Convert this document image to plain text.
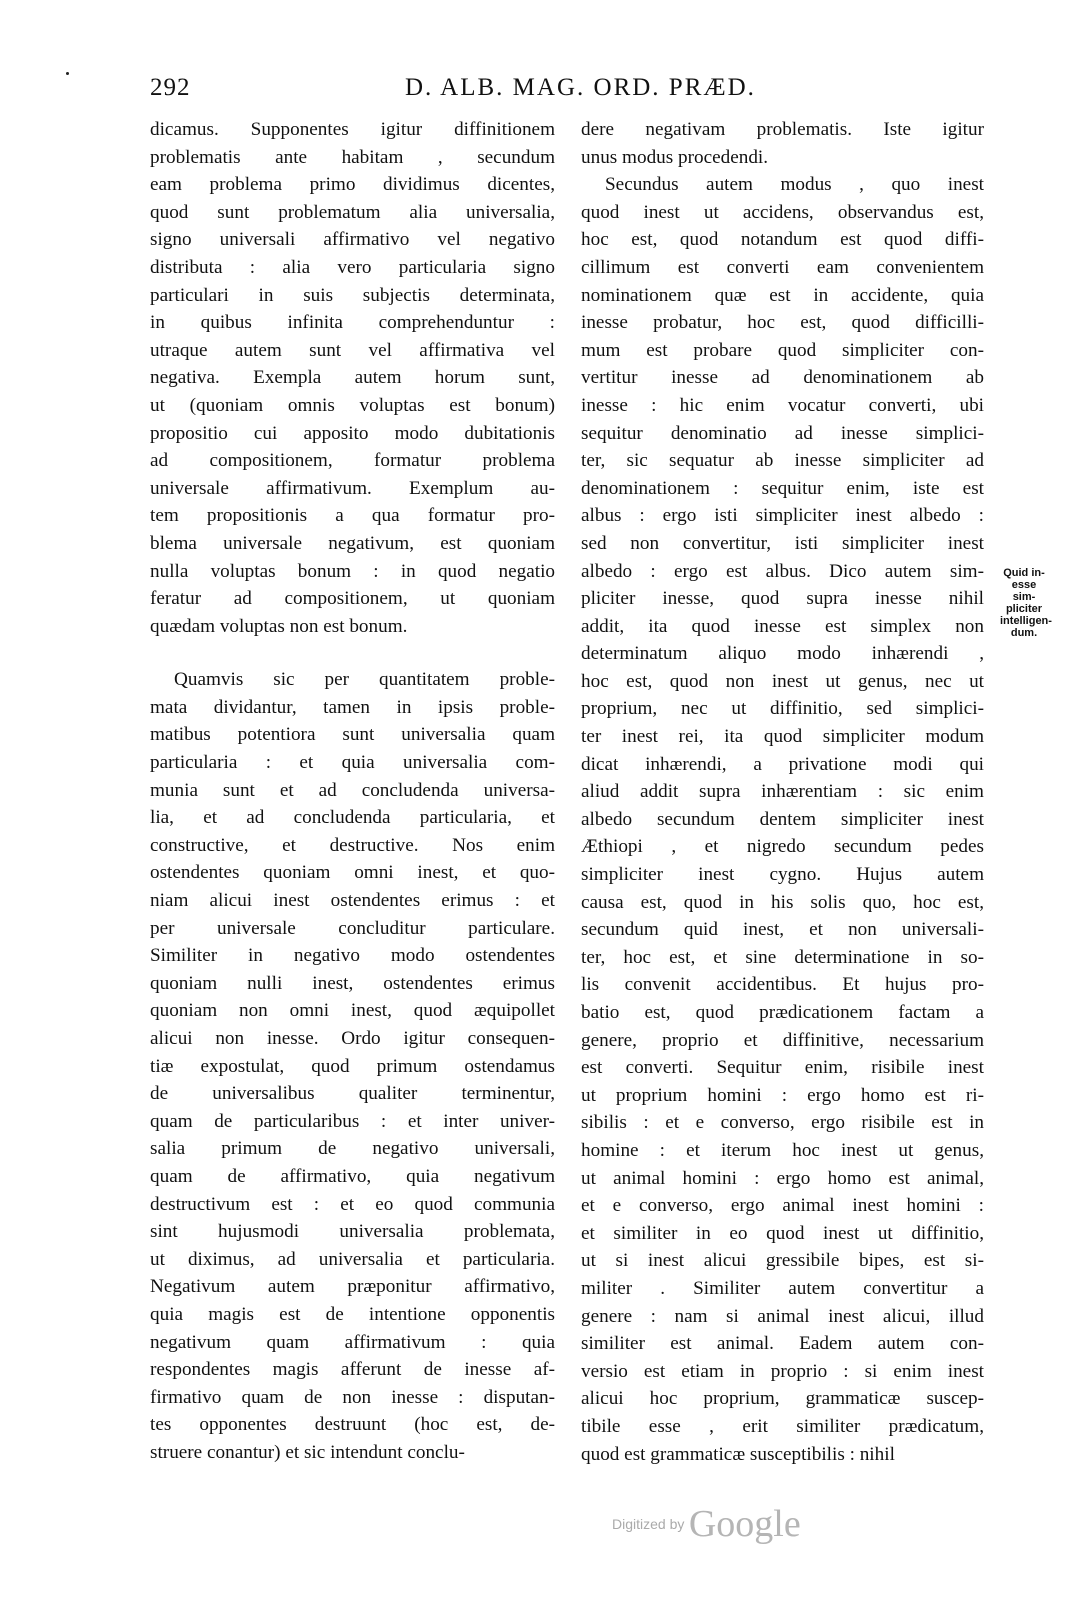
292	D. ALB. MAG. ORD. PRÆD.
dicamus. Supponentes igitur diffinitionem
problematis ante habitam , secundum
eam problema primo dividimus dicentes,
quod sunt problematum alia universalia,
signo universali affirmativo vel negativo
distributa : alia vero particularia signo
particulari in suis subjectis determinata,
in quibus infinita comprehenduntur :
utraque autem sunt vel affirmativa vel
negativa. Exempla autem horum sunt,
ut (quoniam omnis voluptas est bonum)
propositio cui apposito modo dubitationis
ad compositionem, formatur problema
universale affirmativum. Exemplum au-
tem propositionis a qua formatur pro-
blema universale negativum, est quoniam
nulla voluptas bonum : in quod negatio
feratur ad compositionem, ut quoniam
quædam voluptas non est bonum.
Quamvis sic per quantitatem proble-
mata dividantur, tamen in ipsis proble-
matibus potentiora sunt universalia quam
particularia : et quia universalia com-
munia sunt et ad concludenda universa-
lia, et ad concludenda particularia, et
constructive, et destructive. Nos enim
ostendentes quoniam omni inest, et quo-
niam alicui inest ostendentes erimus : et
per universale concluditur particulare.
Similiter in negativo modo ostendentes
quoniam nulli inest, ostendentes erimus
quoniam non omni inest, quod æquipollet
alicui non inesse. Ordo igitur consequen-
tiæ expostulat, quod primum ostendamus
de universalibus qualiter terminentur,
quam de particularibus : et inter univer-
salia primum de negativo universali,
quam de affirmativo, quia negativum
destructivum est : et eo quod communia
sint hujusmodi universalia problemata,
ut diximus, ad universalia et particularia.
Negativum autem præponitur affirmativo,
quia magis est de intentione opponentis
negativum quam affirmativum : quia
respondentes magis afferunt de inesse af-
firmativo quam de non inesse : disputan-
tes opponentes destruunt (hoc est, de-
struere conantur) et sic intendunt conclu-
dere negativam problematis. Iste igitur
unus modus procedendi.
Secundus autem modus , quo inest
quod inest ut accidens, observandus est,
hoc est, quod notandum est quod diffi-
cillimum est converti eam convenientem
nominationem quæ est in accidente, quia
inesse probatur, hoc est, quod difficilli-
mum est probare quod simpliciter con-
vertitur inesse ad denominationem ab
inesse : hic enim vocatur converti, ubi
sequitur denominatio ad inesse simplici-
ter, sic sequatur ab inesse simpliciter ad
denominationem : sequitur enim, iste est
albus : ergo isti simpliciter inest albedo :
sed non convertitur, isti simpliciter inest
albedo : ergo est albus. Dico autem sim-
pliciter inesse, quod supra inesse nihil
addit, ita quod inesse est simplex non
determinatum aliquo modo inhærendi ,
hoc est, quod non inest ut genus, nec ut
proprium, nec ut diffinitio, sed simplici-
ter inest rei, ita quod simpliciter modum
dicat inhærendi, a privatione modi qui
aliud addit supra inhærentiam : sic enim
albedo secundum dentem simpliciter inest
Æthiopi , et nigredo secundum pedes
simpliciter inest cygno. Hujus autem
causa est, quod in his solis quo, hoc est,
secundum quid inest, et non universali-
ter, hoc est, et sine determinatione in so-
lis convenit accidentibus. Et hujus pro-
batio est, quod prædicationem factam a
genere, proprio et diffinitive, necessarium
est converti. Sequitur enim, risibile inest
ut proprium homini : ergo homo est ri-
sibilis : et e converso, ergo risibile est in
homine : et iterum hoc inest ut genus,
ut animal homini : ergo homo est animal,
et e converso, ergo animal inest homini :
et similiter in eo quod inest ut diffinitio,
ut si inest alicui gressibile bipes, est si-
militer . Similiter autem convertitur a
genere : nam si animal inest alicui, illud
similiter est animal. Eadem autem con-
versio est etiam in proprio : si enim inest
alicui hoc proprium, grammaticæ suscep-
tibile esse , erit similiter prædicatum,
quod est grammaticæ susceptibilis : nihil
Quid in-
esse sim-
pliciter
intelligen-
dum.
Digitized by Google
